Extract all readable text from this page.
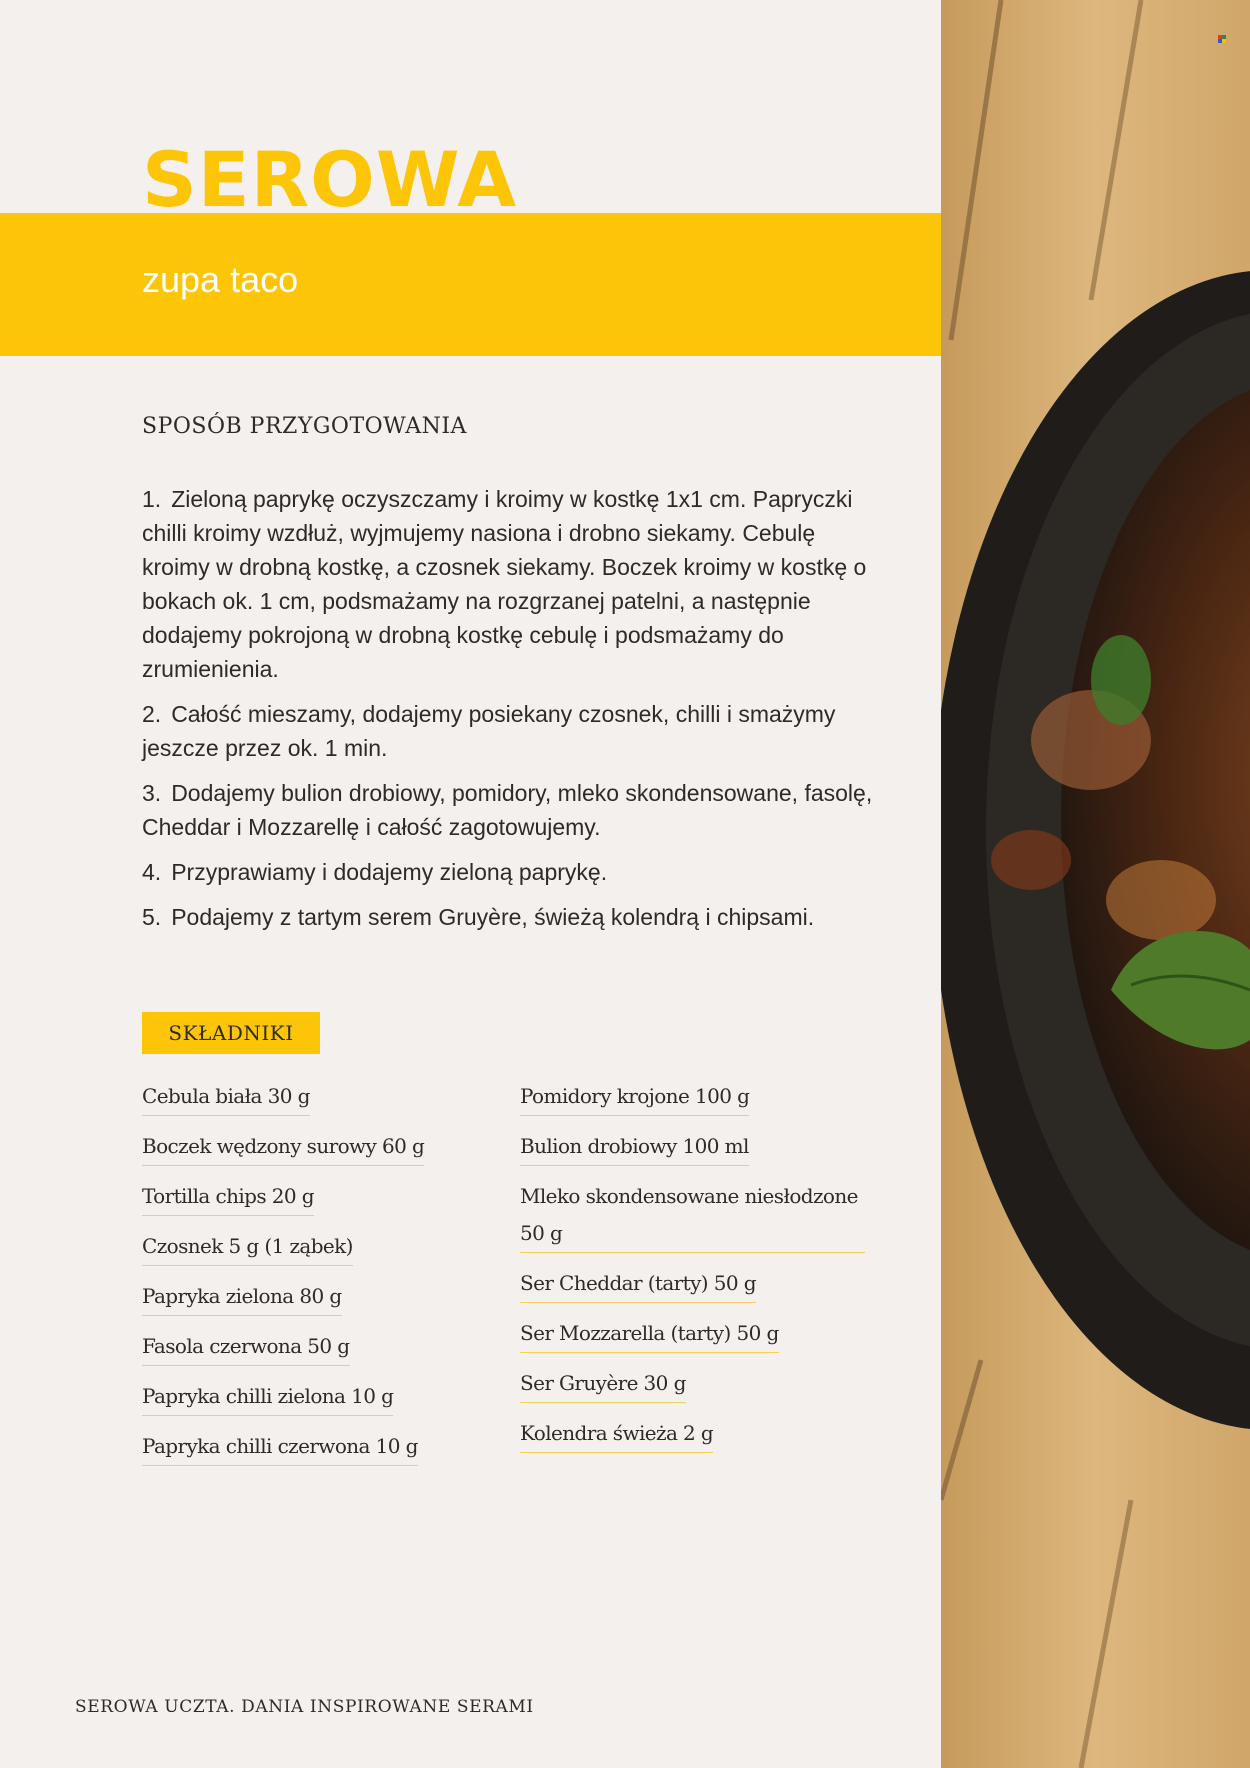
SEROWA
zupa taco
SPOSÓB PRZYGOTOWANIA
1. Zieloną paprykę oczyszczamy i kroimy w kostkę 1x1 cm. Papryczki chilli kroimy wzdłuż, wyjmujemy nasiona i drobno siekamy. Cebulę kroimy w drobną kostkę, a czosnek siekamy. Boczek kroimy w kostkę o bokach ok. 1 cm, podsmażamy na rozgrzanej patelni, a następnie dodajemy pokrojoną w drobną kostkę cebulę i podsmażamy do zrumienienia.
2. Całość mieszamy, dodajemy posiekany czosnek, chilli i smażymy jeszcze przez ok. 1 min.
3. Dodajemy bulion drobiowy, pomidory, mleko skondensowane, fasolę, Cheddar i Mozzarellę i całość zagotowujemy.
4. Przyprawiamy i dodajemy zieloną paprykę.
5. Podajemy z tartym serem Gruyère, świeżą kolendrą i chipsami.
SKŁADNIKI
Cebula biała 30 g
Boczek wędzony surowy 60 g
Tortilla chips 20 g
Czosnek 5 g (1 ząbek)
Papryka zielona 80 g
Fasola czerwona 50 g
Papryka chilli zielona 10 g
Papryka chilli czerwona 10 g
Pomidory krojone 100 g
Bulion drobiowy 100 ml
Mleko skondensowane niesłodzone 50 g
Ser Cheddar (tarty) 50 g
Ser Mozzarella (tarty) 50 g
Ser Gruyère 30 g
Kolendra świeża 2 g

SEROWA UCZTA. DANIA INSPIROWANE SERAMI
